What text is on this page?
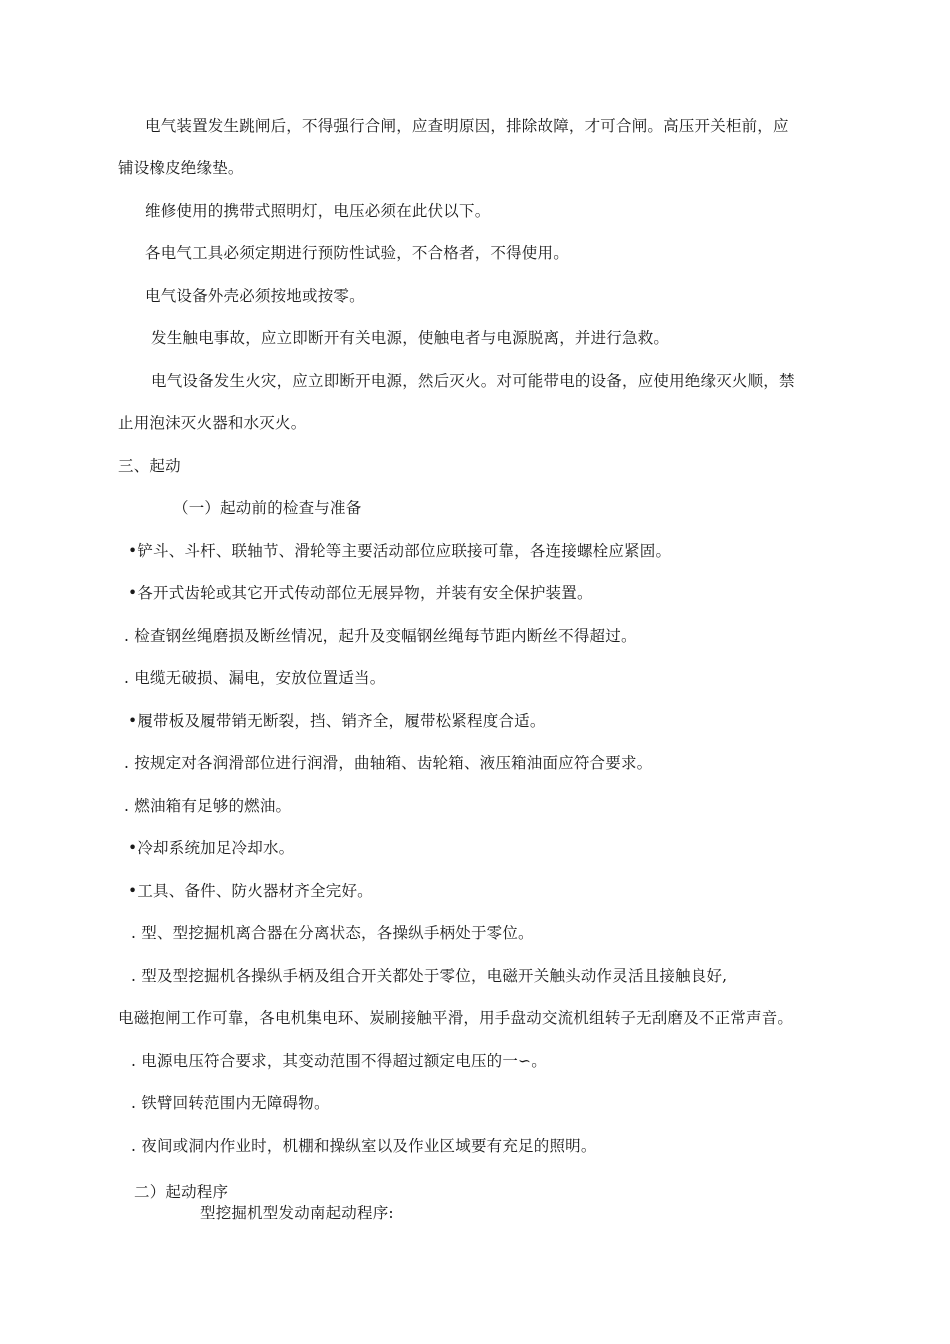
电气装置发生跳闸后，不得强行合闸，应查明原因，排除故障，才可合闸。高压开关柜前，应
铺设橡皮绝缘垫。
维修使用的携带式照明灯，电压必须在此伏以下。
各电气工具必须定期进行预防性试验，不合格者，不得使用。
电气设备外壳必须按地或按零。
发生触电事故，应立即断开有关电源，使触电者与电源脱离，并进行急救。
电气设备发生火灾，应立即断开电源，然后灭火。对可能带电的设备，应使用绝缘灭火顺，禁
止用泡沫灭火器和水灭火。
三、起动
（一）起动前的检查与准备
•铲斗、斗杆、联轴节、滑轮等主要活动部位应联接可靠，各连接螺栓应紧固。
•各开式齿轮或其它开式传动部位无展异物，并装有安全保护装置。
. 检查钢丝绳磨损及断丝情况，起升及变幅钢丝绳每节距内断丝不得超过。
. 电缆无破损、漏电，安放位置适当。
•履带板及履带销无断裂，挡、销齐全，履带松紧程度合适。
. 按规定对各润滑部位进行润滑，曲轴箱、齿轮箱、液压箱油面应符合要求。
. 燃油箱有足够的燃油。
•冷却系统加足冷却水。
•工具、备件、防火器材齐全完好。
. 型、型挖掘机离合器在分离状态，各操纵手柄处于零位。
. 型及型挖掘机各操纵手柄及组合开关都处于零位，电磁开关触头动作灵活且接触良好,
电磁抱闸工作可靠，各电机集电环、炭刷接触平滑，用手盘动交流机组转子无刮磨及不正常声音。
. 电源电压符合要求，其变动范围不得超过额定电压的一∽。
. 铁臂回转范围内无障碍物。
. 夜间或洞内作业时，机棚和操纵室以及作业区域要有充足的照明。
二）起动程序
型挖掘机型发动南起动程序:
